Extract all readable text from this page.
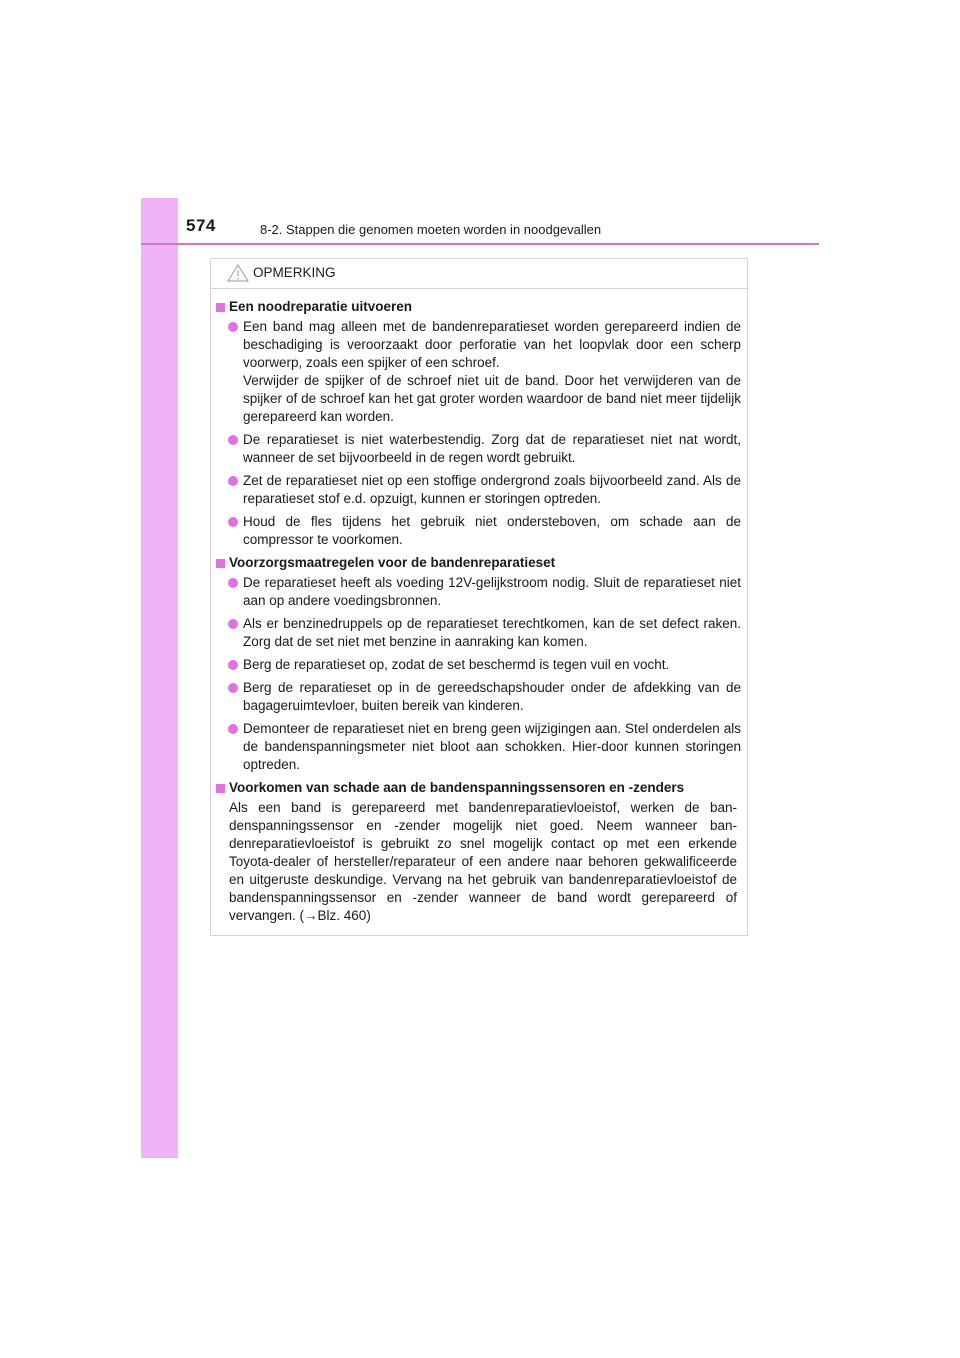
574	8-2. Stappen die genomen moeten worden in noodgevallen
OPMERKING
Een noodreparatie uitvoeren

Een band mag alleen met de bandenreparatieset worden gerepareerd indien de beschadiging is veroorzaakt door perforatie van het loopvlak door een scherp voorwerp, zoals een spijker of een schroef.

Verwijder de spijker of de schroef niet uit de band. Door het verwijderen van de spijker of de schroef kan het gat groter worden waardoor de band niet meer tijdelijk gerepareerd kan worden.

De reparatieset is niet waterbestendig. Zorg dat de reparatieset niet nat wordt, wanneer de set bijvoorbeeld in de regen wordt gebruikt.

Zet de reparatieset niet op een stoffige ondergrond zoals bijvoorbeeld zand. Als de reparatieset stof e.d. opzuigt, kunnen er storingen optreden.

Houd de fles tijdens het gebruik niet ondersteboven, om schade aan de compressor te voorkomen.

Voorzorgsmaatregelen voor de bandenreparatieset

De reparatieset heeft als voeding 12V-gelijkstroom nodig. Sluit de reparatieset niet aan op andere voedingsbronnen.

Als er benzinedruppels op de reparatieset terechtkomen, kan de set defect raken. Zorg dat de set niet met benzine in aanraking kan komen.

Berg de reparatieset op, zodat de set beschermd is tegen vuil en vocht.

Berg de reparatieset op in de gereedschapshouder onder de afdekking van de bagageruimtevloer, buiten bereik van kinderen.

Demonteer de reparatieset niet en breng geen wijzigingen aan. Stel onderdelen als de bandenspanningsmeter niet bloot aan schokken. Hier-door kunnen storingen optreden.

Voorkomen van schade aan de bandenspanningssensoren en -zenders
Als een band is gerepareerd met bandenreparatievloeistof, werken de ban-denspanningssensor en -zender mogelijk niet goed. Neem wanneer ban-denreparatievloeistof is gebruikt zo snel mogelijk contact op met een erkende Toyota-dealer of hersteller/reparateur of een andere naar behoren gekwalificeerde en uitgeruste deskundige. Vervang na het gebruik van bandenreparatievloeistof de bandenspanningssensor en -zender wanneer de band wordt gerepareerd of vervangen. (→Blz. 460)
